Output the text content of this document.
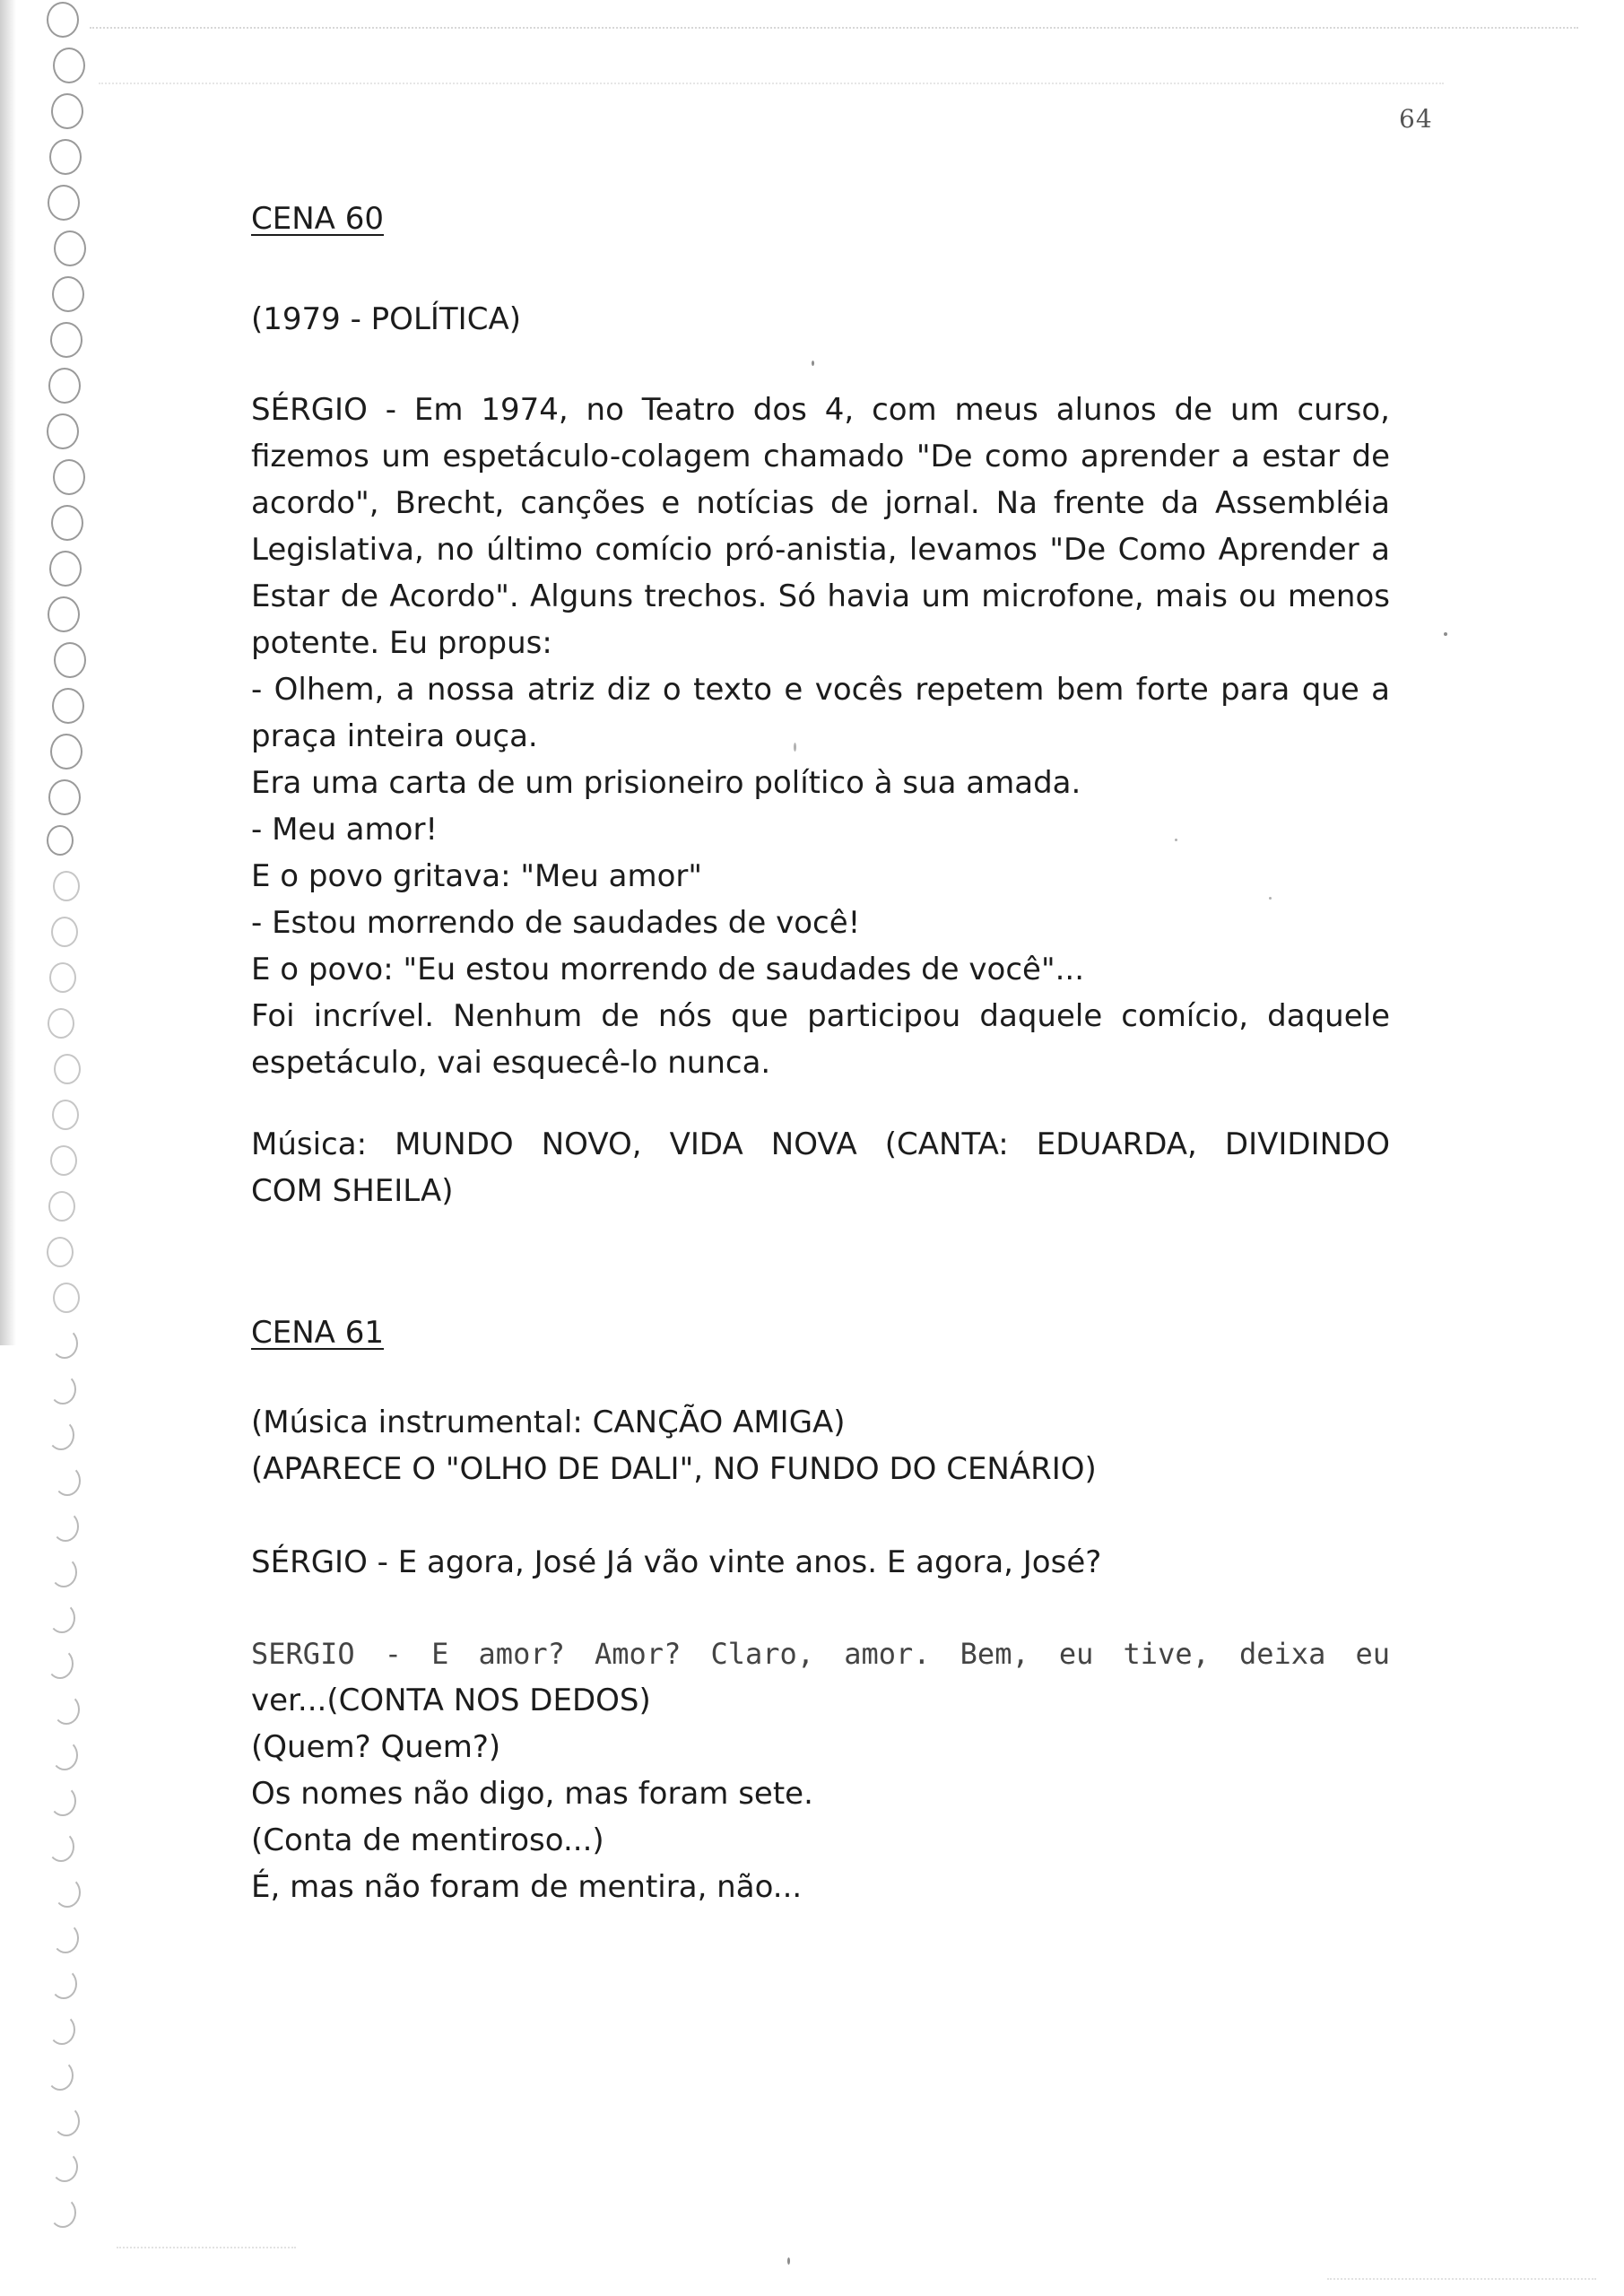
64
CENA 60
(1979 - POLÍTICA)
SÉRGIO - Em 1974, no Teatro dos 4, com meus alunos de um curso,
fizemos um espetáculo-colagem chamado "De como aprender a estar de
acordo", Brecht, canções e notícias de jornal. Na frente da Assembléia
Legislativa, no último comício pró-anistia, levamos "De Como Aprender a
Estar de Acordo". Alguns trechos. Só havia um microfone, mais ou menos
potente. Eu propus:
- Olhem, a nossa atriz diz o texto e vocês repetem bem forte para que a
praça inteira ouça.
Era uma carta de um prisioneiro político à sua amada.
- Meu amor!
E o povo gritava: "Meu amor"
- Estou morrendo de saudades de você!
E o povo: "Eu estou morrendo de saudades de você"...
Foi incrível. Nenhum de nós que participou daquele comício, daquele
espetáculo, vai esquecê-lo nunca.
Música: MUNDO NOVO, VIDA NOVA (CANTA: EDUARDA, DIVIDINDO
COM SHEILA)
CENA 61
(Música instrumental: CANÇÃO AMIGA)
(APARECE O "OLHO DE DALI", NO FUNDO DO CENÁRIO)
SÉRGIO - E agora, José Já vão vinte anos. E agora, José?
SERGIO - E amor? Amor? Claro, amor. Bem, eu tive, deixa eu
ver...(CONTA NOS DEDOS)
(Quem? Quem?)
Os nomes não digo, mas foram sete.
(Conta de mentiroso...)
É, mas não foram de mentira, não...
